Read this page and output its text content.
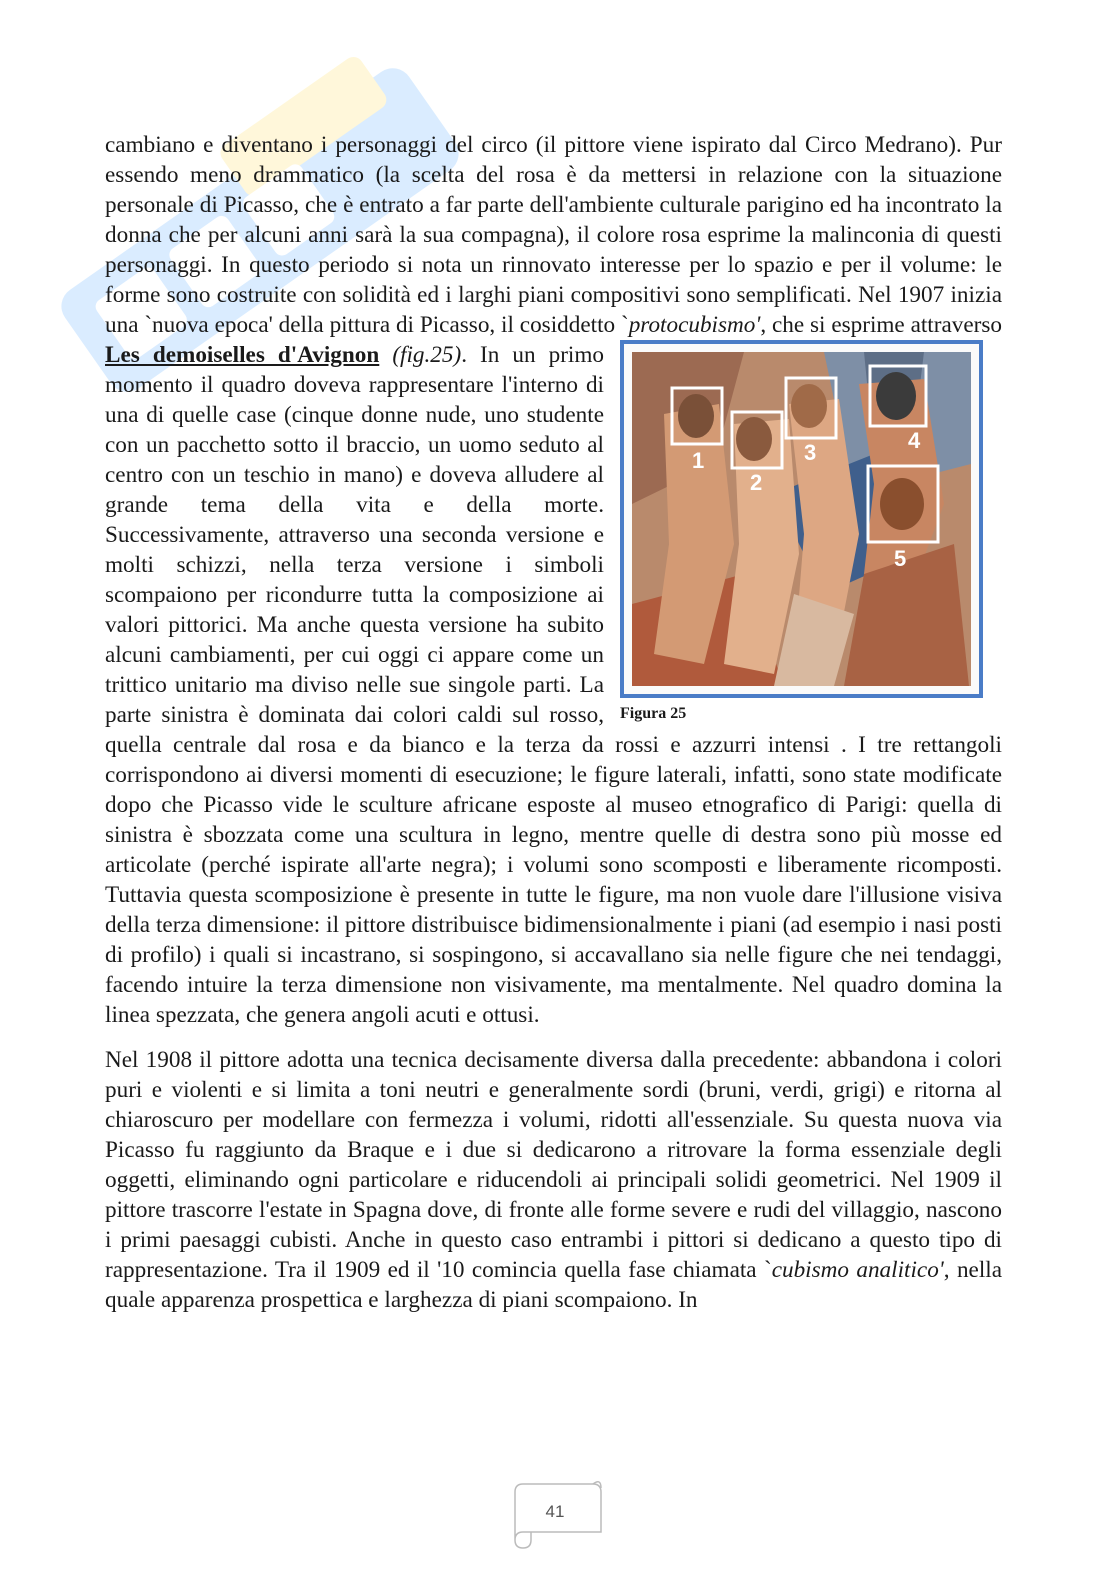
cambiano e diventano i personaggi del circo (il pittore viene ispirato dal Circo Medrano). Pur essendo meno drammatico (la scelta del rosa è da mettersi in relazione con la situazione personale di Picasso, che è entrato a far parte dell'ambiente culturale parigino ed ha incontrato la donna che per alcuni anni sarà la sua compagna), il colore rosa esprime la malinconia di questi personaggi. In questo periodo si nota un rinnovato interesse per lo spazio e per il volume: le forme sono costruite con solidità ed i larghi piani compositivi sono semplificati. Nel 1907 inizia una `nuova epoca' della pittura di Picasso, il cosiddetto `protocubismo', che si esprime attraverso Les demoiselles d'Avignon (fig.25)
1
2
3	4
5
Figura 25
. In un primo momento il quadro doveva rappresentare l'interno di una di quelle case (cinque donne nude, uno studente con un pacchetto sotto il braccio, un uomo seduto al centro con un teschio in mano) e doveva alludere al grande tema della vita e della morte. Successivamente, attraverso una seconda versione e molti schizzi, nella terza versione i simboli scompaiono per ricondurre tutta la composizione ai valori pittorici. Ma anche questa versione ha subito alcuni cambiamenti, per cui oggi ci appare come un trittico unitario ma diviso nelle sue singole parti. La parte sinistra è dominata dai colori caldi sul rosso, quella centrale dal rosa e da bianco e la terza da rossi e azzurri intensi . I tre rettangoli corrispondono ai diversi momenti di esecuzione; le figure laterali, infatti, sono state modificate dopo che Picasso vide le sculture africane esposte al museo etnografico di Parigi: quella di sinistra è sbozzata come una scultura in legno, mentre quelle di destra sono più mosse ed articolate (perché ispirate all'arte negra); i volumi sono scomposti e liberamente ricomposti. Tuttavia questa scomposizione è presente in tutte le figure, ma non vuole dare l'illusione visiva della terza dimensione: il pittore distribuisce bidimensionalmente i piani (ad esempio i nasi posti di profilo) i quali si incastrano, si sospingono, si accavallano sia nelle figure che nei tendaggi, facendo intuire la terza dimensione non visivamente, ma mentalmente. Nel quadro domina la linea spezzata, che genera angoli acuti e ottusi.

Nel 1908 il pittore adotta una tecnica decisamente diversa dalla precedente: abbandona i colori puri e violenti e si limita a toni neutri e generalmente sordi (bruni, verdi, grigi) e ritorna al chiaroscuro per modellare con fermezza i volumi, ridotti all'essenziale. Su questa nuova via Picasso fu raggiunto da Braque e i due si dedicarono a ritrovare la forma essenziale degli oggetti, eliminando ogni particolare e riducendoli ai principali solidi geometrici. Nel 1909 il pittore trascorre l'estate in Spagna dove, di fronte alle forme severe e rudi del villaggio, nascono i primi paesaggi cubisti. Anche in questo caso entrambi i pittori si dedicano a questo tipo di rappresentazione. Tra il 1909 ed il '10 comincia quella fase chiamata `cubismo analitico', nella quale apparenza prospettica e larghezza di piani scompaiono. In

41
